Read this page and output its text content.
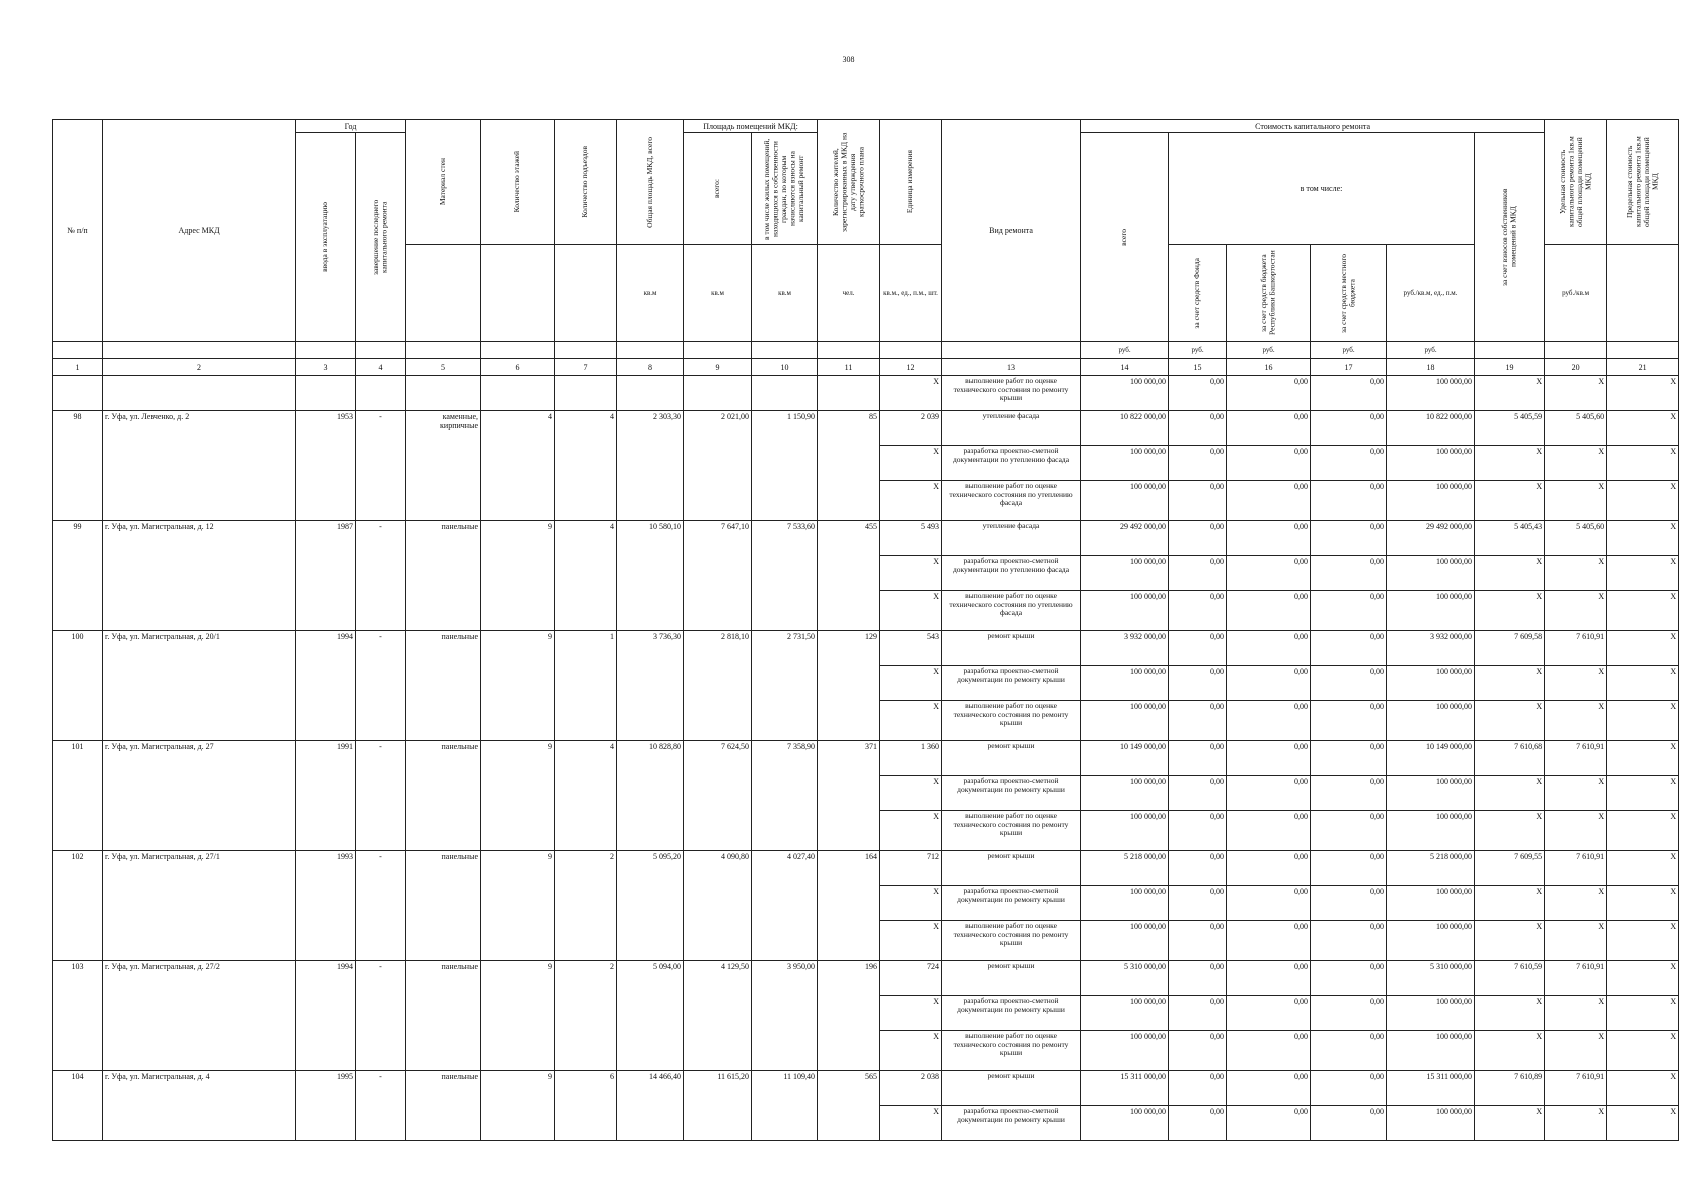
308
№ п/п	Адрес МКД	Год		Материал стен	Количество этажей	Количество подъездов	Общая площадь МКД, всего	Площадь помещений МКД:		Количество жителей, зарегистрированных в МКД на дату утверждения краткосрочного плана	Единица измерения	Вид ремонта	Стоимость капитального ремонта						Удельная стоимость капитального ремонта 1кв.м общей площади помещений МКД	Предельная стоимость капитального ремонта 1кв.м общей площади помещений МКД

		ввода в эксплуатацию	завершение последнего капитального ремонта					всего:	в том числе жилых помещений, находящихся в собственности граждан, по которым начисляются взносы на капитальный ремонт				всего	в том числе:				за счет взносов собственников помещений в МКД			

							кв.м	кв.м	кв.м	чел.	кв.м., ед., п.м., шт.			за счет средств Фонда	за счет средств бюджета Республики Башкортостан	за счет средств местного бюджета	руб./кв.м, ед., п.м.		руб./кв.м		
													руб.	руб.	руб.	руб.	руб.				
1	2	3	4	5	6	7	8	9	10	11	12	13	14	15	16	17	18	19	20	21	
											X	выполнение работ по оценке технического состояния по ремонту крыши	100 000,00	0,00	0,00	0,00	100 000,00	X	X	X	
98	г. Уфа, ул. Левченко, д. 2	1953	-	каменные, кирпичные	4	4	2 303,30	2 021,00	1 150,90	85	2 039	утепление фасада	10 822 000,00	0,00	0,00	0,00	10 822 000,00	5 405,59	5 405,60	X	
											X	разработка проектно-сметной документации по утеплению фасада	100 000,00	0,00	0,00	0,00	100 000,00	X	X	X	
											X	выполнение работ по оценке технического состояния по утеплению фасада	100 000,00	0,00	0,00	0,00	100 000,00	X	X	X	
99	г. Уфа, ул. Магистральная, д. 12	1987	-	панельные	9	4	10 580,10	7 647,10	7 533,60	455	5 493	утепление фасада	29 492 000,00	0,00	0,00	0,00	29 492 000,00	5 405,43	5 405,60	X	
											X	разработка проектно-сметной документации по утеплению фасада	100 000,00	0,00	0,00	0,00	100 000,00	X	X	X	
											X	выполнение работ по оценке технического состояния по утеплению фасада	100 000,00	0,00	0,00	0,00	100 000,00	X	X	X	
100	г. Уфа, ул. Магистральная, д. 20/1	1994	-	панельные	9	1	3 736,30	2 818,10	2 731,50	129	543	ремонт крыши	3 932 000,00	0,00	0,00	0,00	3 932 000,00	7 609,58	7 610,91	X	
											X	разработка проектно-сметной документации по ремонту крыши	100 000,00	0,00	0,00	0,00	100 000,00	X	X	X	
											X	выполнение работ по оценке технического состояния по ремонту крыши	100 000,00	0,00	0,00	0,00	100 000,00	X	X	X	
101	г. Уфа, ул. Магистральная, д. 27	1991	-	панельные	9	4	10 828,80	7 624,50	7 358,90	371	1 360	ремонт крыши	10 149 000,00	0,00	0,00	0,00	10 149 000,00	7 610,68	7 610,91	X	
											X	разработка проектно-сметной документации по ремонту крыши	100 000,00	0,00	0,00	0,00	100 000,00	X	X	X	
											X	выполнение работ по оценке технического состояния по ремонту крыши	100 000,00	0,00	0,00	0,00	100 000,00	X	X	X	
102	г. Уфа, ул. Магистральная, д. 27/1	1993	-	панельные	9	2	5 095,20	4 090,80	4 027,40	164	712	ремонт крыши	5 218 000,00	0,00	0,00	0,00	5 218 000,00	7 609,55	7 610,91	X	
											X	разработка проектно-сметной документации по ремонту крыши	100 000,00	0,00	0,00	0,00	100 000,00	X	X	X	
											X	выполнение работ по оценке технического состояния по ремонту крыши	100 000,00	0,00	0,00	0,00	100 000,00	X	X	X	
103	г. Уфа, ул. Магистральная, д. 27/2	1994	-	панельные	9	2	5 094,00	4 129,50	3 950,00	196	724	ремонт крыши	5 310 000,00	0,00	0,00	0,00	5 310 000,00	7 610,59	7 610,91	X	
											X	разработка проектно-сметной документации по ремонту крыши	100 000,00	0,00	0,00	0,00	100 000,00	X	X	X	
											X	выполнение работ по оценке технического состояния по ремонту крыши	100 000,00	0,00	0,00	0,00	100 000,00	X	X	X	
104	г. Уфа, ул. Магистральная, д. 4	1995	-	панельные	9	6	14 466,40	11 615,20	11 109,40	565	2 038	ремонт крыши	15 311 000,00	0,00	0,00	0,00	15 311 000,00	7 610,89	7 610,91	X	
											X	разработка проектно-сметной документации по ремонту крыши	100 000,00	0,00	0,00	0,00	100 000,00	X	X	X	
